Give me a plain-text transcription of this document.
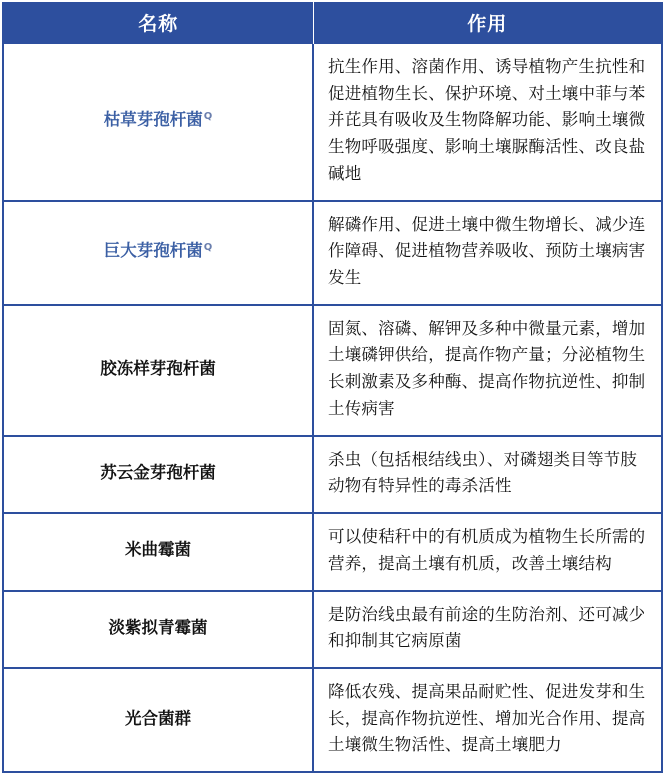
名称	作用
枯草芽孢杆菌$^Q$	抗生作用、溶菌作用、诱导植物产生抗性和促进植物生长、保护环境、对土壤中菲与苯并芘具有吸收及生物降解功能、影响土壤微生物呼吸强度、影响土壤脲酶活性、改良盐碱地
巨大芽孢杆菌$^Q$	解磷作用、促进土壤中微生物增长、减少连作障碍、促进植物营养吸收、预防土壤病害发生
胶冻样芽孢杆菌	固氮、溶磷、解钾及多种中微量元素，增加土壤磷钾供给，提高作物产量；分泌植物生长刺激素及多种酶、提高作物抗逆性、抑制土传病害
苏云金芽孢杆菌	杀虫（包括根结线虫）、对磷翅类目等节肢动物有特异性的毒杀活性
米曲霉菌	可以使秸秆中的有机质成为植物生长所需的营养，提高土壤有机质，改善土壤结构
淡紫拟青霉菌	是防治线虫最有前途的生防治剂、还可减少和抑制其它病原菌
光合菌群	降低农残、提高果品耐贮性、促进发芽和生长，提高作物抗逆性、增加光合作用、提高土壤微生物活性、提高土壤肥力
